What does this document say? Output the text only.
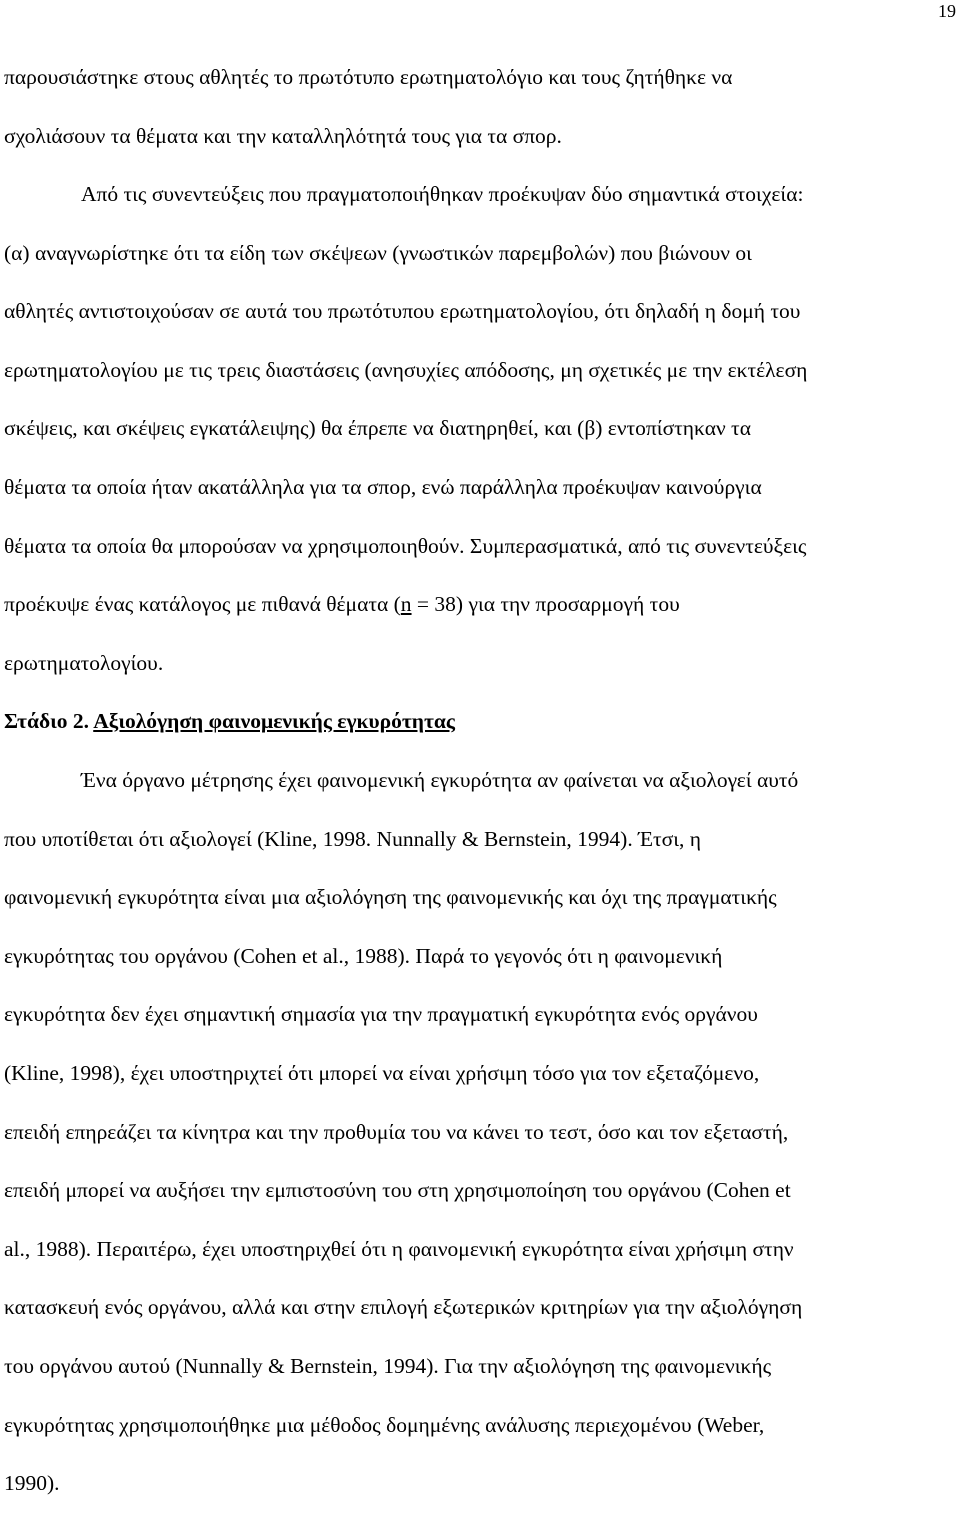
19
παρουσιάστηκε στους αθλητές το πρωτότυπο ερωτηματολόγιο και τους ζητήθηκε να
σχολιάσουν τα θέματα και την καταλληλότητά τους για τα σπορ.
Από τις συνεντεύξεις που πραγματοποιήθηκαν προέκυψαν δύο σημαντικά στοιχεία:
(α) αναγνωρίστηκε ότι τα είδη των σκέψεων (γνωστικών παρεμβολών) που βιώνουν οι
αθλητές αντιστοιχούσαν σε αυτά του πρωτότυπου ερωτηματολογίου, ότι δηλαδή η δομή του
ερωτηματολογίου με τις τρεις διαστάσεις (ανησυχίες απόδοσης, μη σχετικές με την εκτέλεση
σκέψεις, και σκέψεις εγκατάλειψης) θα έπρεπε να διατηρηθεί, και (β) εντοπίστηκαν τα
θέματα τα οποία ήταν ακατάλληλα για τα σπορ, ενώ παράλληλα προέκυψαν καινούργια
θέματα τα οποία θα μπορούσαν να χρησιμοποιηθούν. Συμπερασματικά, από τις συνεντεύξεις
προέκυψε ένας κατάλογος με πιθανά θέματα (n = 38) για την προσαρμογή του
ερωτηματολογίου.
Στάδιο 2. Αξιολόγηση φαινομενικής εγκυρότητας
Ένα όργανο μέτρησης έχει φαινομενική εγκυρότητα αν φαίνεται να αξιολογεί αυτό
που υποτίθεται ότι αξιολογεί (Kline, 1998. Nunnally & Bernstein, 1994). Έτσι, η
φαινομενική εγκυρότητα είναι μια αξιολόγηση της φαινομενικής και όχι της πραγματικής
εγκυρότητας του οργάνου (Cohen et al., 1988). Παρά το γεγονός ότι η φαινομενική
εγκυρότητα δεν έχει σημαντική σημασία για την πραγματική εγκυρότητα ενός οργάνου
(Kline, 1998), έχει υποστηριχτεί ότι μπορεί να είναι χρήσιμη τόσο για τον εξεταζόμενο,
επειδή επηρεάζει τα κίνητρα και την προθυμία του να κάνει το τεστ, όσο και τον εξεταστή,
επειδή μπορεί να αυξήσει την εμπιστοσύνη του στη χρησιμοποίηση του οργάνου (Cohen et
al., 1988). Περαιτέρω, έχει υποστηριχθεί ότι η φαινομενική εγκυρότητα είναι χρήσιμη στην
κατασκευή ενός οργάνου, αλλά και στην επιλογή εξωτερικών κριτηρίων για την αξιολόγηση
του οργάνου αυτού (Nunnally & Bernstein, 1994). Για την αξιολόγηση της φαινομενικής
εγκυρότητας χρησιμοποιήθηκε μια μέθοδος δομημένης ανάλυσης περιεχομένου (Weber,
1990).
